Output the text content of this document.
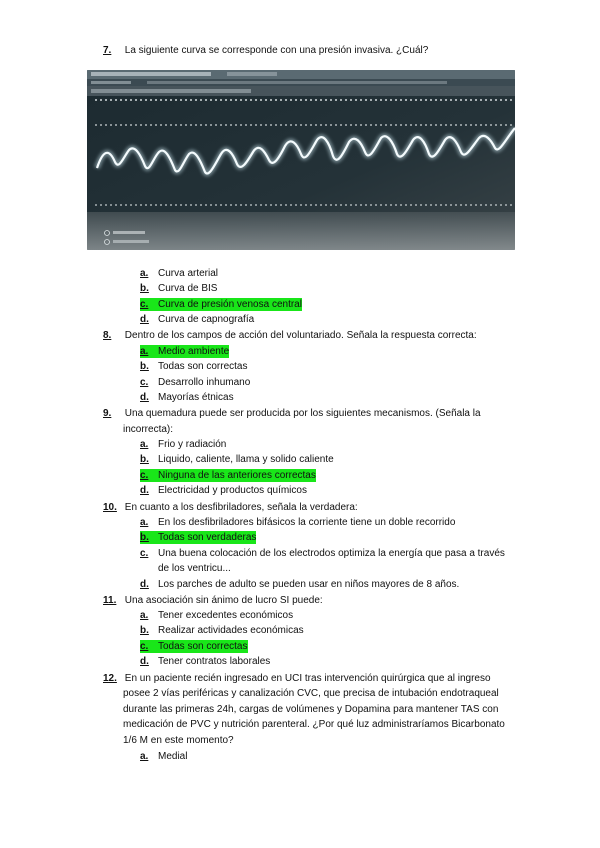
7. La siguiente curva se corresponde con una presión invasiva. ¿Cuál?
a. Curva arterial
b. Curva de BIS
c. Curva de presión venosa central
d. Curva de capnografía
8. Dentro de los campos de acción del voluntariado. Señala la respuesta correcta:
a. Medio ambiente
b. Todas son correctas
c. Desarrollo inhumano
d. Mayorías étnicas
9. Una quemadura puede ser producida por los siguientes mecanismos. (Señala la
incorrecta):
a. Frio y radiación
b. Liquido, caliente, llama y solido caliente
c. Ninguna de las anteriores correctas
d. Electricidad y productos químicos
10. En cuanto a los desfibriladores, señala la verdadera:
a. En los desfibriladores bifásicos la corriente tiene un doble recorrido
b. Todas son verdaderas
c. Una buena colocación de los electrodos optimiza la energía que pasa a través
de los ventricu...
d. Los parches de adulto se pueden usar en niños mayores de 8 años.
11. Una asociación sin ánimo de lucro SI puede:
a. Tener excedentes económicos
b. Realizar actividades económicas
c. Todas son correctas
d. Tener contratos laborales
12. En un paciente recién ingresado en UCI tras intervención quirúrgica que al ingreso
posee 2 vías periféricas y canalización CVC, que precisa de intubación endotraqueal
durante las primeras 24h, cargas de volúmenes y Dopamina para mantener TAS con
medicación de PVC y nutrición parenteral. ¿Por qué luz administraríamos Bicarbonato
1/6 M en este momento?
a. Medial
